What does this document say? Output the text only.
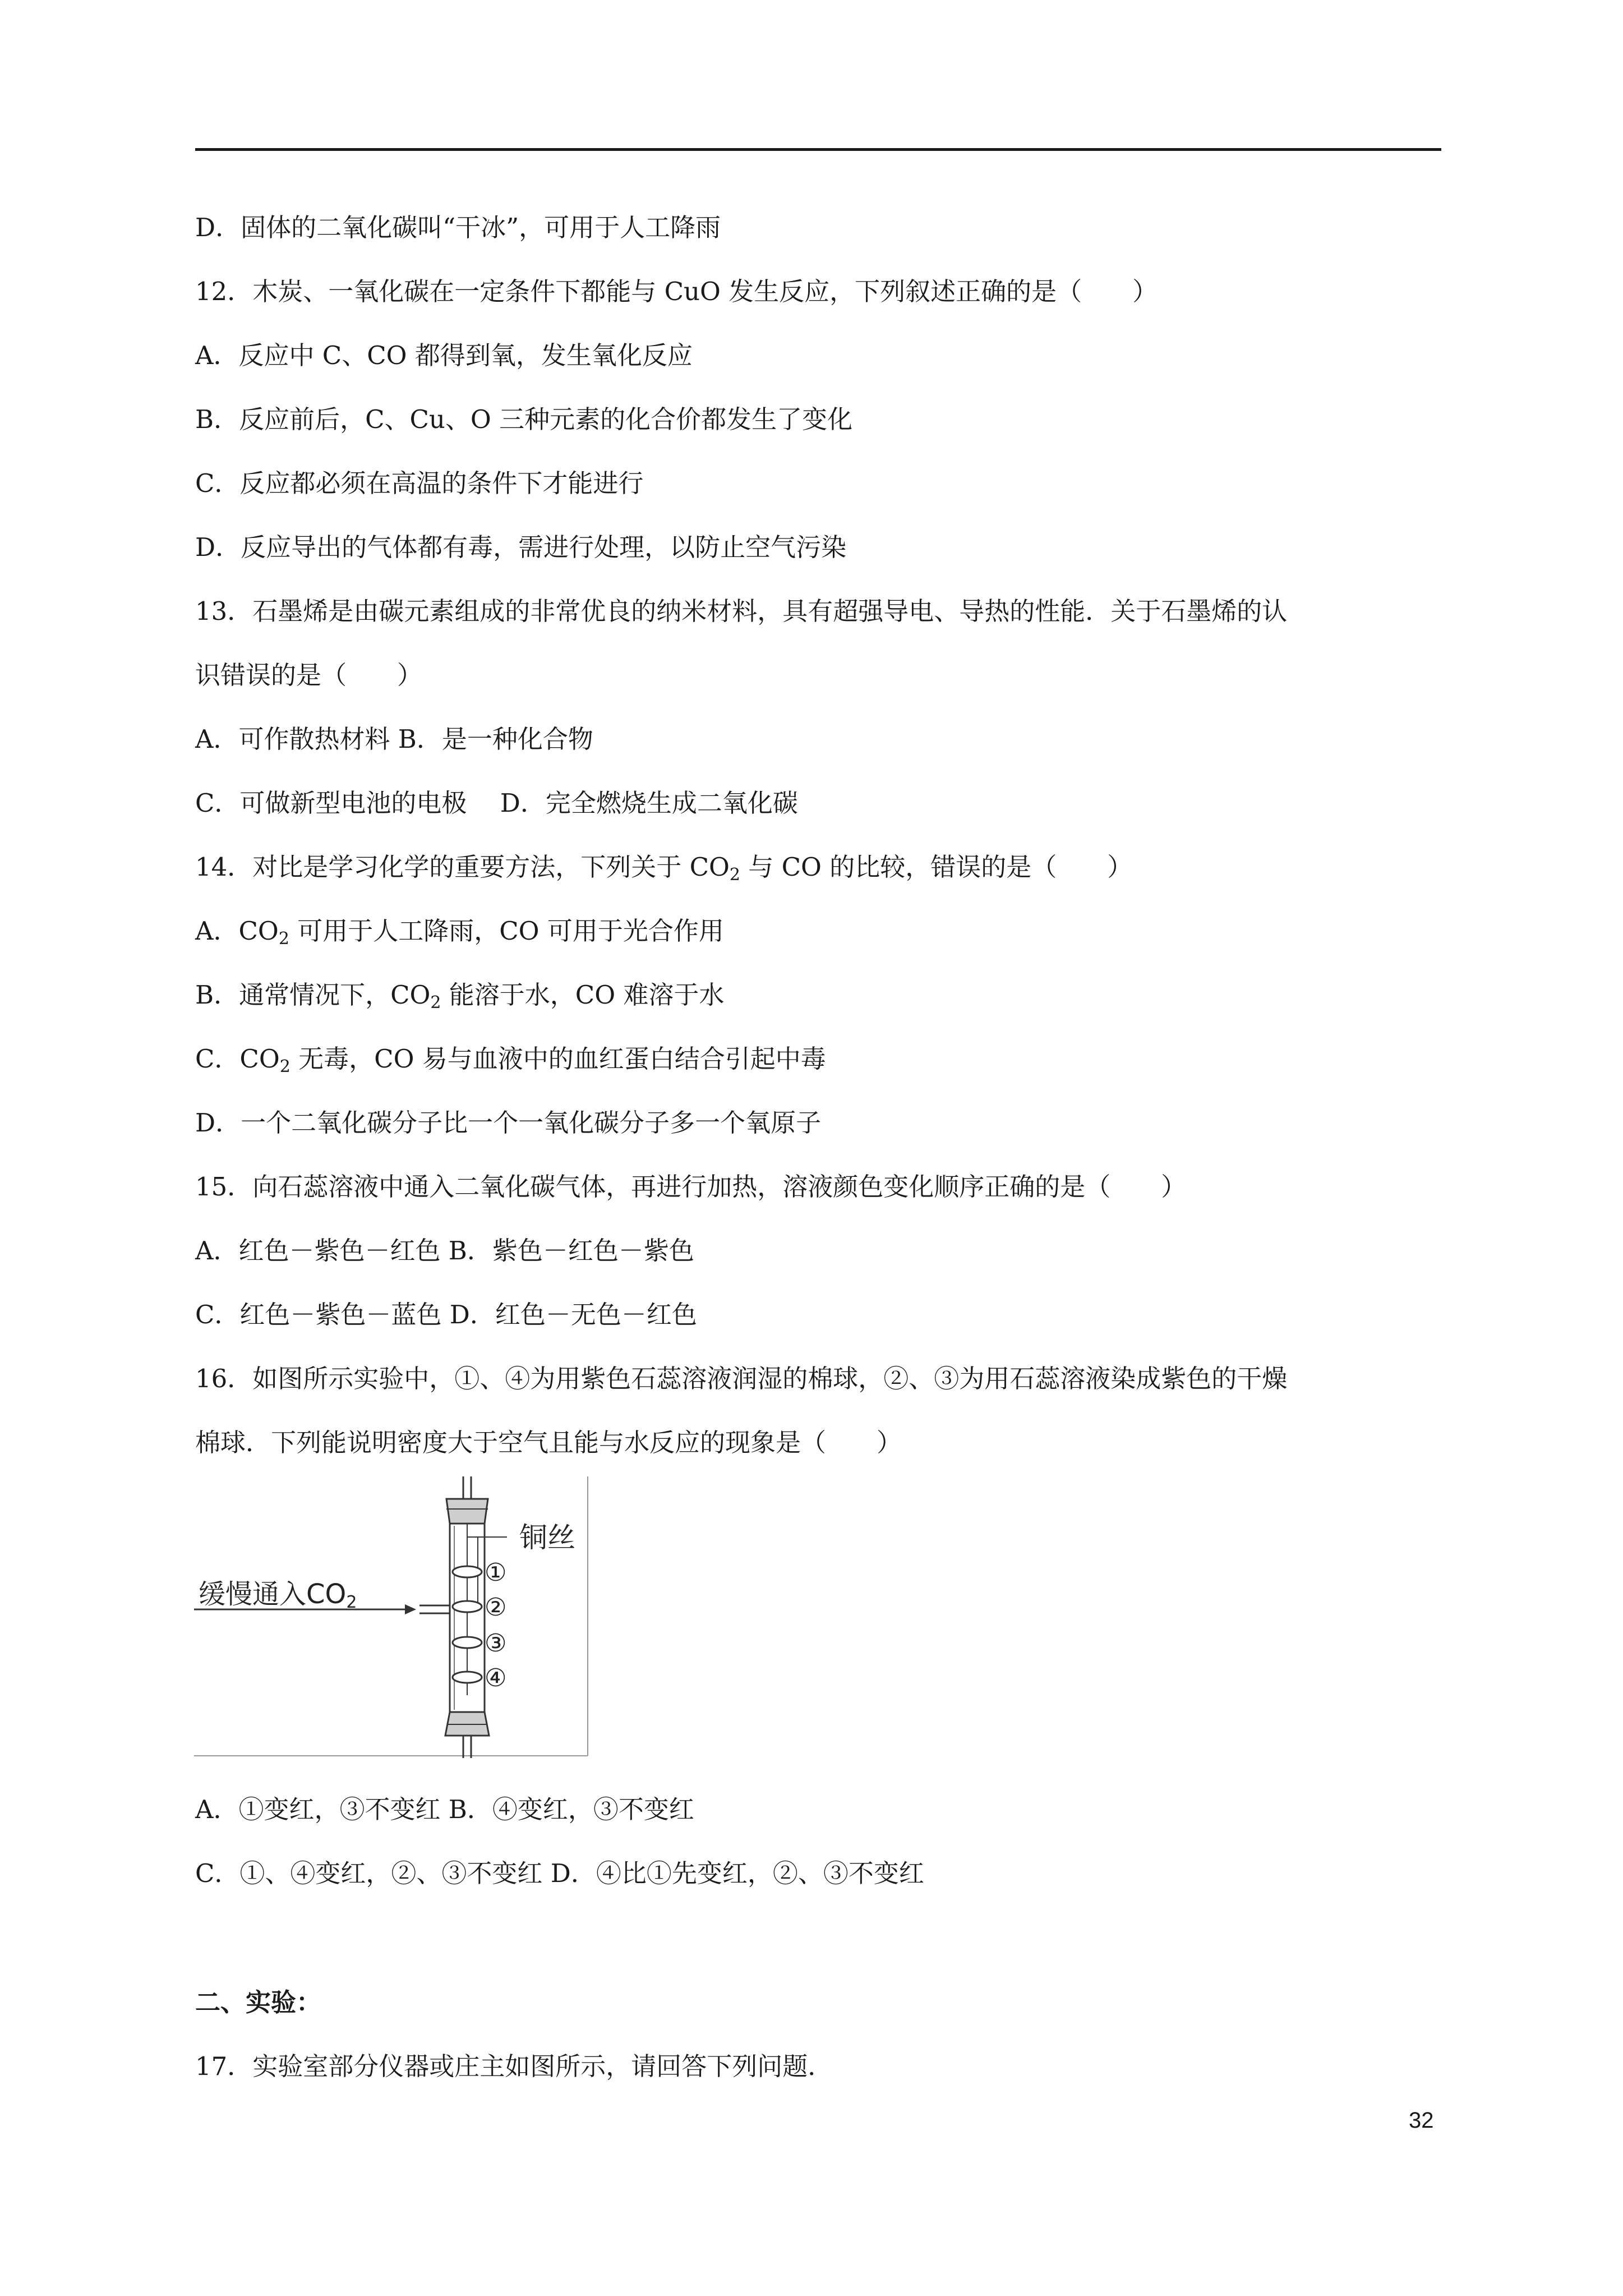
D．固体的二氧化碳叫“干冰”，可用于人工降雨
12．木炭、一氧化碳在一定条件下都能与 CuO 发生反应，下列叙述正确的是（　　）
A．反应中 C、CO 都得到氧，发生氧化反应
B．反应前后，C、Cu、O 三种元素的化合价都发生了变化
C．反应都必须在高温的条件下才能进行
D．反应导出的气体都有毒，需进行处理，以防止空气污染
13．石墨烯是由碳元素组成的非常优良的纳米材料，具有超强导电、导热的性能．关于石墨烯的认
识错误的是（　　）
A．可作散热材料 B．是一种化合物
C．可做新型电池的电极　 D．完全燃烧生成二氧化碳
14．对比是学习化学的重要方法，下列关于 $CO_2$ 与 CO 的比较，错误的是（　　）
A．$CO_2$ 可用于人工降雨，CO 可用于光合作用
B．通常情况下，$CO_2$ 能溶于水，CO 难溶于水
C．$CO_2$ 无毒，CO 易与血液中的血红蛋白结合引起中毒
D．一个二氧化碳分子比一个一氧化碳分子多一个氧原子
15．向石蕊溶液中通入二氧化碳气体，再进行加热，溶液颜色变化顺序正确的是（　　）
A．红色－紫色－红色 B．紫色－红色－紫色
C．红色－紫色－蓝色 D．红色－无色－红色
16．如图所示实验中，①、④为用紫色石蕊溶液润湿的棉球，②、③为用石蕊溶液染成紫色的干燥
棉球．下列能说明密度大于空气且能与水反应的现象是（　　）
缓慢通入CO2
铜丝
①
②
③
④
A．①变红，③不变红 B．④变红，③不变红
C．①、④变红，②、③不变红 D．④比①先变红，②、③不变红
二、实验：
17．实验室部分仪器或庄主如图所示，请回答下列问题．
32
